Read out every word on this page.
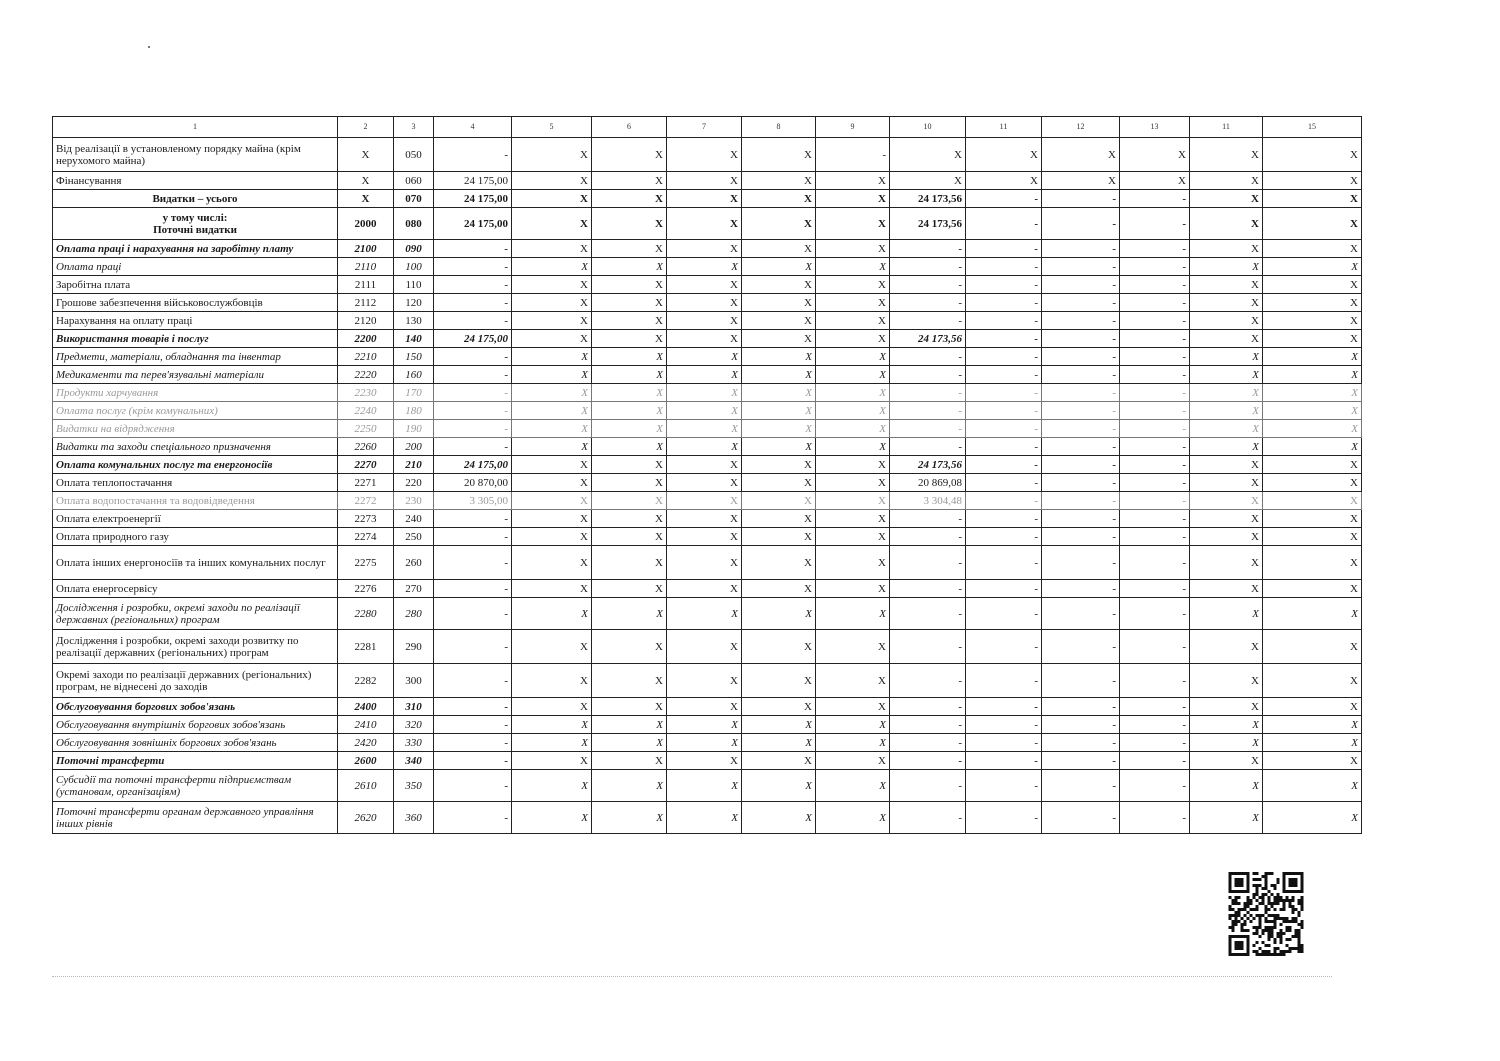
1	2	3	4	5	6	7	8	9	10	11	12	13	11	15
Від реалізації в установленому порядку майна (крім нерухомого майна)	Х	050	-	Х	Х	Х	Х	-	Х	Х	Х	Х	Х	Х
Фінансування	Х	060	24 175,00	Х	Х	Х	Х	Х	Х	Х	Х	Х	Х	Х
Видатки – усього	Х	070	24 175,00	Х	Х	Х	Х	Х	24 173,56	-	-	-	Х	Х
у тому числі:
Поточні видатки	2000	080	24 175,00	Х	Х	Х	Х	Х	24 173,56	-	-	-	Х	Х
Оплата праці і нарахування на заробітну плату	2100	090	-	Х	Х	Х	Х	Х	-	-	-	-	Х	Х
Оплата праці	2110	100	-	Х	Х	Х	Х	Х	-	-	-	-	Х	Х
Заробітна плата	2111	110	-	Х	Х	Х	Х	Х	-	-	-	-	Х	Х
Грошове забезпечення військовослужбовців	2112	120	-	Х	Х	Х	Х	Х	-	-	-	-	Х	Х
Нарахування на оплату праці	2120	130	-	Х	Х	Х	Х	Х	-	-	-	-	Х	Х
Використання товарів і послуг	2200	140	24 175,00	Х	Х	Х	Х	Х	24 173,56	-	-	-	Х	Х
Предмети, матеріали, обладнання та інвентар	2210	150	-	Х	Х	Х	Х	Х	-	-	-	-	Х	Х
Медикаменти та перев'язувальні матеріали	2220	160	-	Х	Х	Х	Х	Х	-	-	-	-	Х	Х
Продукти харчування	2230	170	-	Х	Х	Х	Х	Х	-	-	-	-	Х	Х
Оплата послуг (крім комунальних)	2240	180	-	Х	Х	Х	Х	Х	-	-	-	-	Х	Х
Видатки на відрядження	2250	190	-	Х	Х	Х	Х	Х	-	-	-	-	Х	Х
Видатки та заходи спеціального призначення	2260	200	-	Х	Х	Х	Х	Х	-	-	-	-	Х	Х
Оплата комунальних послуг та енергоносіїв	2270	210	24 175,00	Х	Х	Х	Х	Х	24 173,56	-	-	-	Х	Х
Оплата теплопостачання	2271	220	20 870,00	Х	Х	Х	Х	Х	20 869,08	-	-	-	Х	Х
Оплата водопостачання та водовідведення	2272	230	3 305,00	Х	Х	Х	Х	Х	3 304,48	-	-	-	Х	Х
Оплата електроенергії	2273	240	-	Х	Х	Х	Х	Х	-	-	-	-	Х	Х
Оплата природного газу	2274	250	-	Х	Х	Х	Х	Х	-	-	-	-	Х	Х
Оплата інших енергоносіїв та інших комунальних послуг	2275	260	-	Х	Х	Х	Х	Х	-	-	-	-	Х	Х
Оплата енергосервісу	2276	270	-	Х	Х	Х	Х	Х	-	-	-	-	Х	Х
Дослідження і розробки, окремі заходи по реалізації державних (регіональних) програм	2280	280	-	Х	Х	Х	Х	Х	-	-	-	-	Х	Х
Дослідження і розробки, окремі заходи розвитку по реалізації державних (регіональних) програм	2281	290	-	Х	Х	Х	Х	Х	-	-	-	-	Х	Х
Окремі заходи по реалізації державних (регіональних) програм, не віднесені до заходів	2282	300	-	Х	Х	Х	Х	Х	-	-	-	-	Х	Х
Обслуговування боргових зобов'язань	2400	310	-	Х	Х	Х	Х	Х	-	-	-	-	Х	Х
Обслуговування внутрішніх боргових зобов'язань	2410	320	-	Х	Х	Х	Х	Х	-	-	-	-	Х	Х
Обслуговування зовнішніх боргових зобов'язань	2420	330	-	Х	Х	Х	Х	Х	-	-	-	-	Х	Х
Поточні трансферти	2600	340	-	Х	Х	Х	Х	Х	-	-	-	-	Х	Х
Субсидії та поточні трансферти підприємствам (установам, організаціям)	2610	350	-	Х	Х	Х	Х	Х	-	-	-	-	Х	Х
Поточні трансферти органам державного управління інших рівнів	2620	360	-	Х	Х	Х	Х	Х	-	-	-	-	Х	Х
